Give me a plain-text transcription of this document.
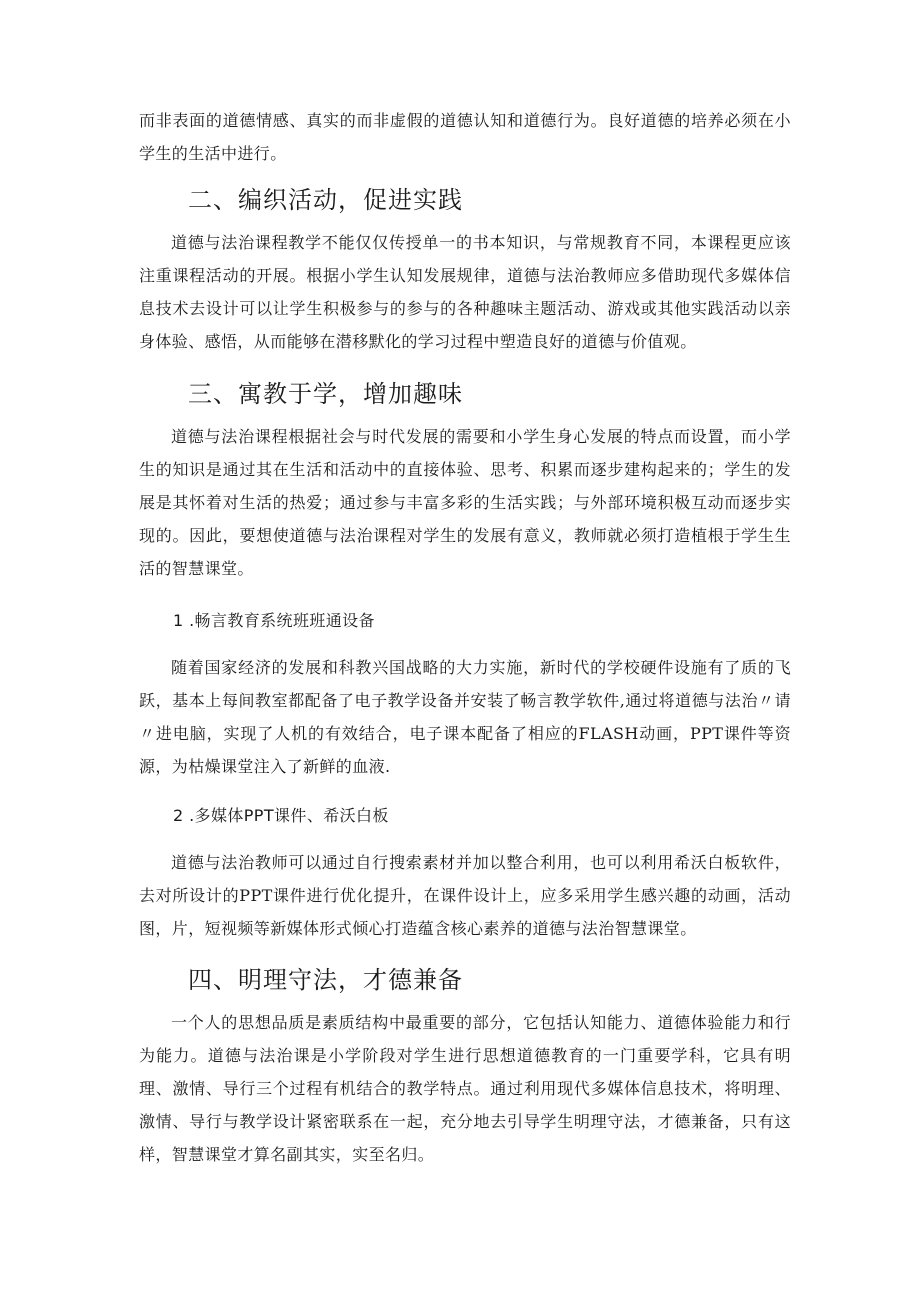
而非表面的道德情感、真实的而非虚假的道德认知和道德行为。良好道德的培养必须在小学生的生活中进行。

二、编织活动，促进实践

道德与法治课程教学不能仅仅传授单一的书本知识，与常规教育不同，本课程更应该注重课程活动的开展。根据小学生认知发展规律，道德与法治教师应多借助现代多媒体信息技术去设计可以让学生积极参与的参与的各种趣味主题活动、游戏或其他实践活动以亲身体验、感悟，从而能够在潜移默化的学习过程中塑造良好的道德与价值观。

三、寓教于学，增加趣味

道德与法治课程根据社会与时代发展的需要和小学生身心发展的特点而设置，而小学生的知识是通过其在生活和活动中的直接体验、思考、积累而逐步建构起来的；学生的发展是其怀着对生活的热爱；通过参与丰富多彩的生活实践；与外部环境积极互动而逐步实现的。因此，要想使道德与法治课程对学生的发展有意义，教师就必须打造植根于学生生活的智慧课堂。

1 .畅言教育系统班班通设备

随着国家经济的发展和科教兴国战略的大力实施，新时代的学校硬件设施有了质的飞跃，基本上每间教室都配备了电子教学设备并安装了畅言教学软件,通过将道德与法治〃请〃进电脑，实现了人机的有效结合，电子课本配备了相应的FLASH动画，PPT课件等资源，为枯燥课堂注入了新鲜的血液.

2 .多媒体PPT课件、希沃白板

道德与法治教师可以通过自行搜索素材并加以整合利用，也可以利用希沃白板软件，去对所设计的PPT课件进行优化提升，在课件设计上，应多采用学生感兴趣的动画，活动图，片，短视频等新媒体形式倾心打造蕴含核心素养的道德与法治智慧课堂。

四、明理守法，才德兼备

一个人的思想品质是素质结构中最重要的部分，它包括认知能力、道德体验能力和行为能力。道德与法治课是小学阶段对学生进行思想道德教育的一门重要学科，它具有明理、激情、导行三个过程有机结合的教学特点。通过利用现代多媒体信息技术，将明理、激情、导行与教学设计紧密联系在一起，充分地去引导学生明理守法，才德兼备，只有这样，智慧课堂才算名副其实，实至名归。
